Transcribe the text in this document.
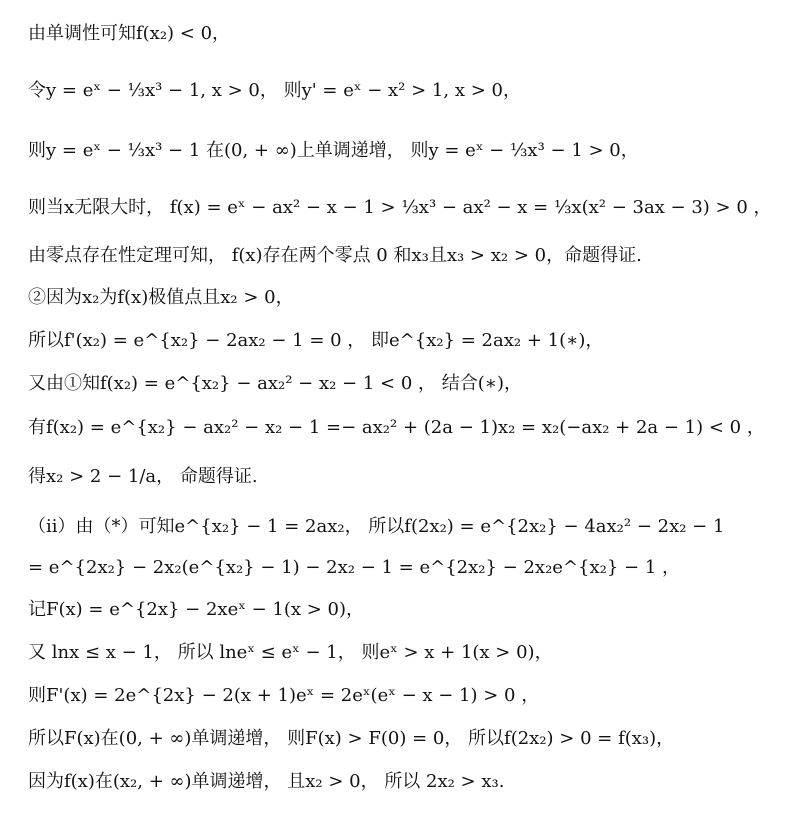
由单调性可知f(x₂) < 0，
令y = eˣ − ⅓x³ − 1, x > 0， 则y' = eˣ − x² > 1, x > 0，
则y = eˣ − ⅓x³ − 1 在(0, + ∞)上单调递增， 则y = eˣ − ⅓x³ − 1 > 0，
则当x无限大时， f(x) = eˣ − ax² − x − 1 > ⅓x³ − ax² − x = ⅓x(x² − 3ax − 3) > 0 ，
由零点存在性定理可知， f(x)存在两个零点 0 和x₃且x₃ > x₂ > 0，命题得证.
②因为x₂为f(x)极值点且x₂ > 0，
所以f'(x₂) = e^{x₂} − 2ax₂ − 1 = 0 ， 即e^{x₂} = 2ax₂ + 1(∗)，
又由①知f(x₂) = e^{x₂} − ax₂² − x₂ − 1 < 0 ， 结合(∗)，
有f(x₂) = e^{x₂} − ax₂² − x₂ − 1 =− ax₂² + (2a − 1)x₂ = x₂(−ax₂ + 2a − 1) < 0 ，
得x₂ > 2 − 1/a， 命题得证.
（ii）由（*）可知e^{x₂} − 1 = 2ax₂， 所以f(2x₂) = e^{2x₂} − 4ax₂² − 2x₂ − 1
= e^{2x₂} − 2x₂(e^{x₂} − 1) − 2x₂ − 1 = e^{2x₂} − 2x₂e^{x₂} − 1 ，
记F(x) = e^{2x} − 2xeˣ − 1(x > 0)，
又 lnx ≤ x − 1， 所以 lneˣ ≤ eˣ − 1， 则eˣ > x + 1(x > 0)，
则F'(x) = 2e^{2x} − 2(x + 1)eˣ = 2eˣ(eˣ − x − 1) > 0 ，
所以F(x)在(0, + ∞)单调递增， 则F(x) > F(0) = 0， 所以f(2x₂) > 0 = f(x₃)，
因为f(x)在(x₂, + ∞)单调递增， 且x₂ > 0， 所以 2x₂ > x₃.
